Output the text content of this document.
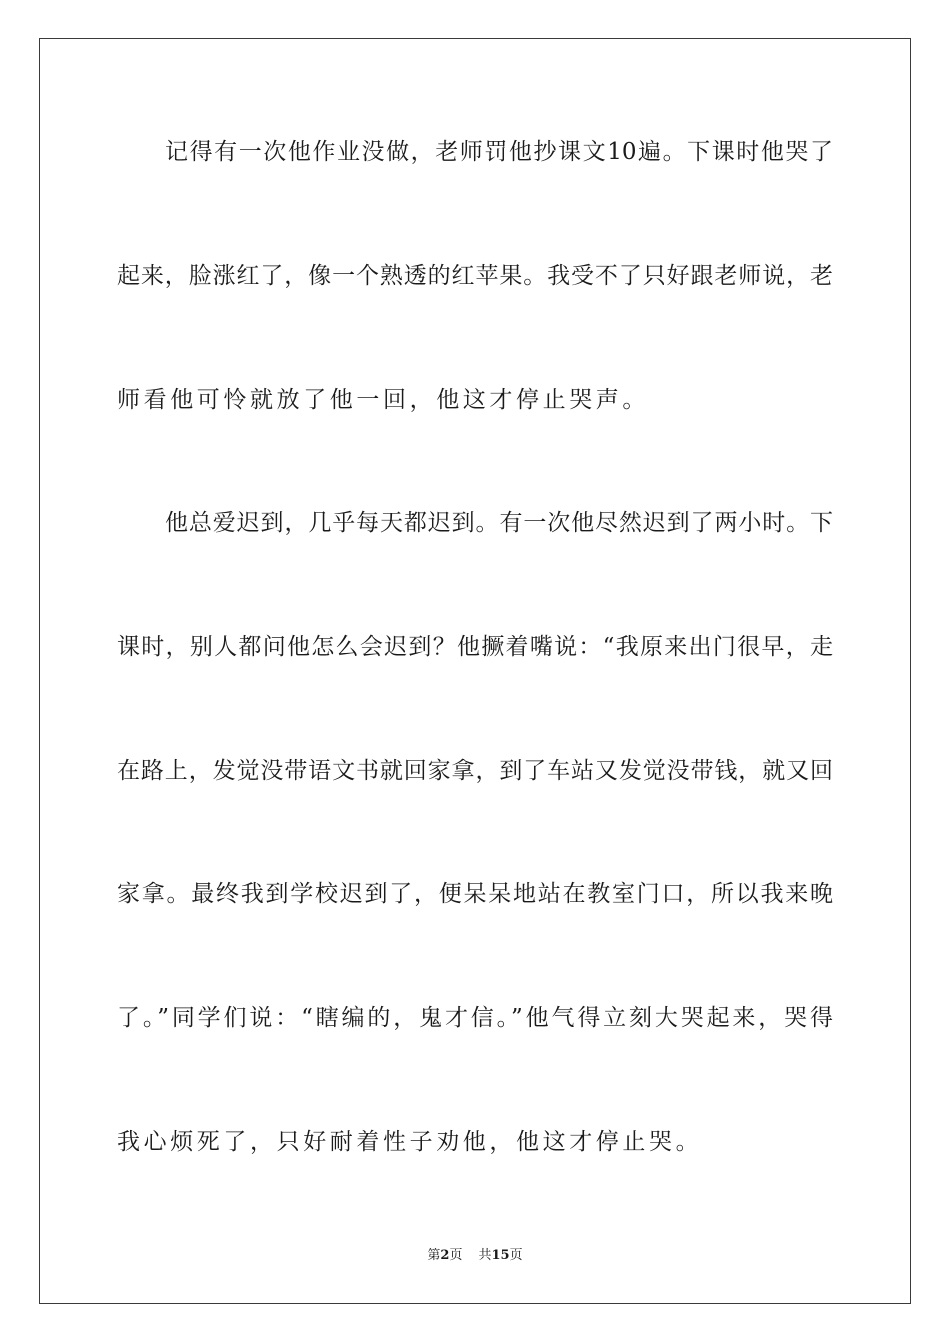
记得有一次他作业没做，老师罚他抄课文10遍。下课时他哭了
起来，脸涨红了，像一个熟透的红苹果。我受不了只好跟老师说，老
师看他可怜就放了他一回，他这才停止哭声。
他总爱迟到，几乎每天都迟到。有一次他尽然迟到了两小时。下
课时，别人都问他怎么会迟到？他撅着嘴说：“我原来出门很早，走
在路上，发觉没带语文书就回家拿，到了车站又发觉没带钱，就又回
家拿。最终我到学校迟到了，便呆呆地站在教室门口，所以我来晚
了。”同学们说：“瞎编的，鬼才信。”他气得立刻大哭起来，哭得
我心烦死了，只好耐着性子劝他，他这才停止哭。
第2页 共15页
